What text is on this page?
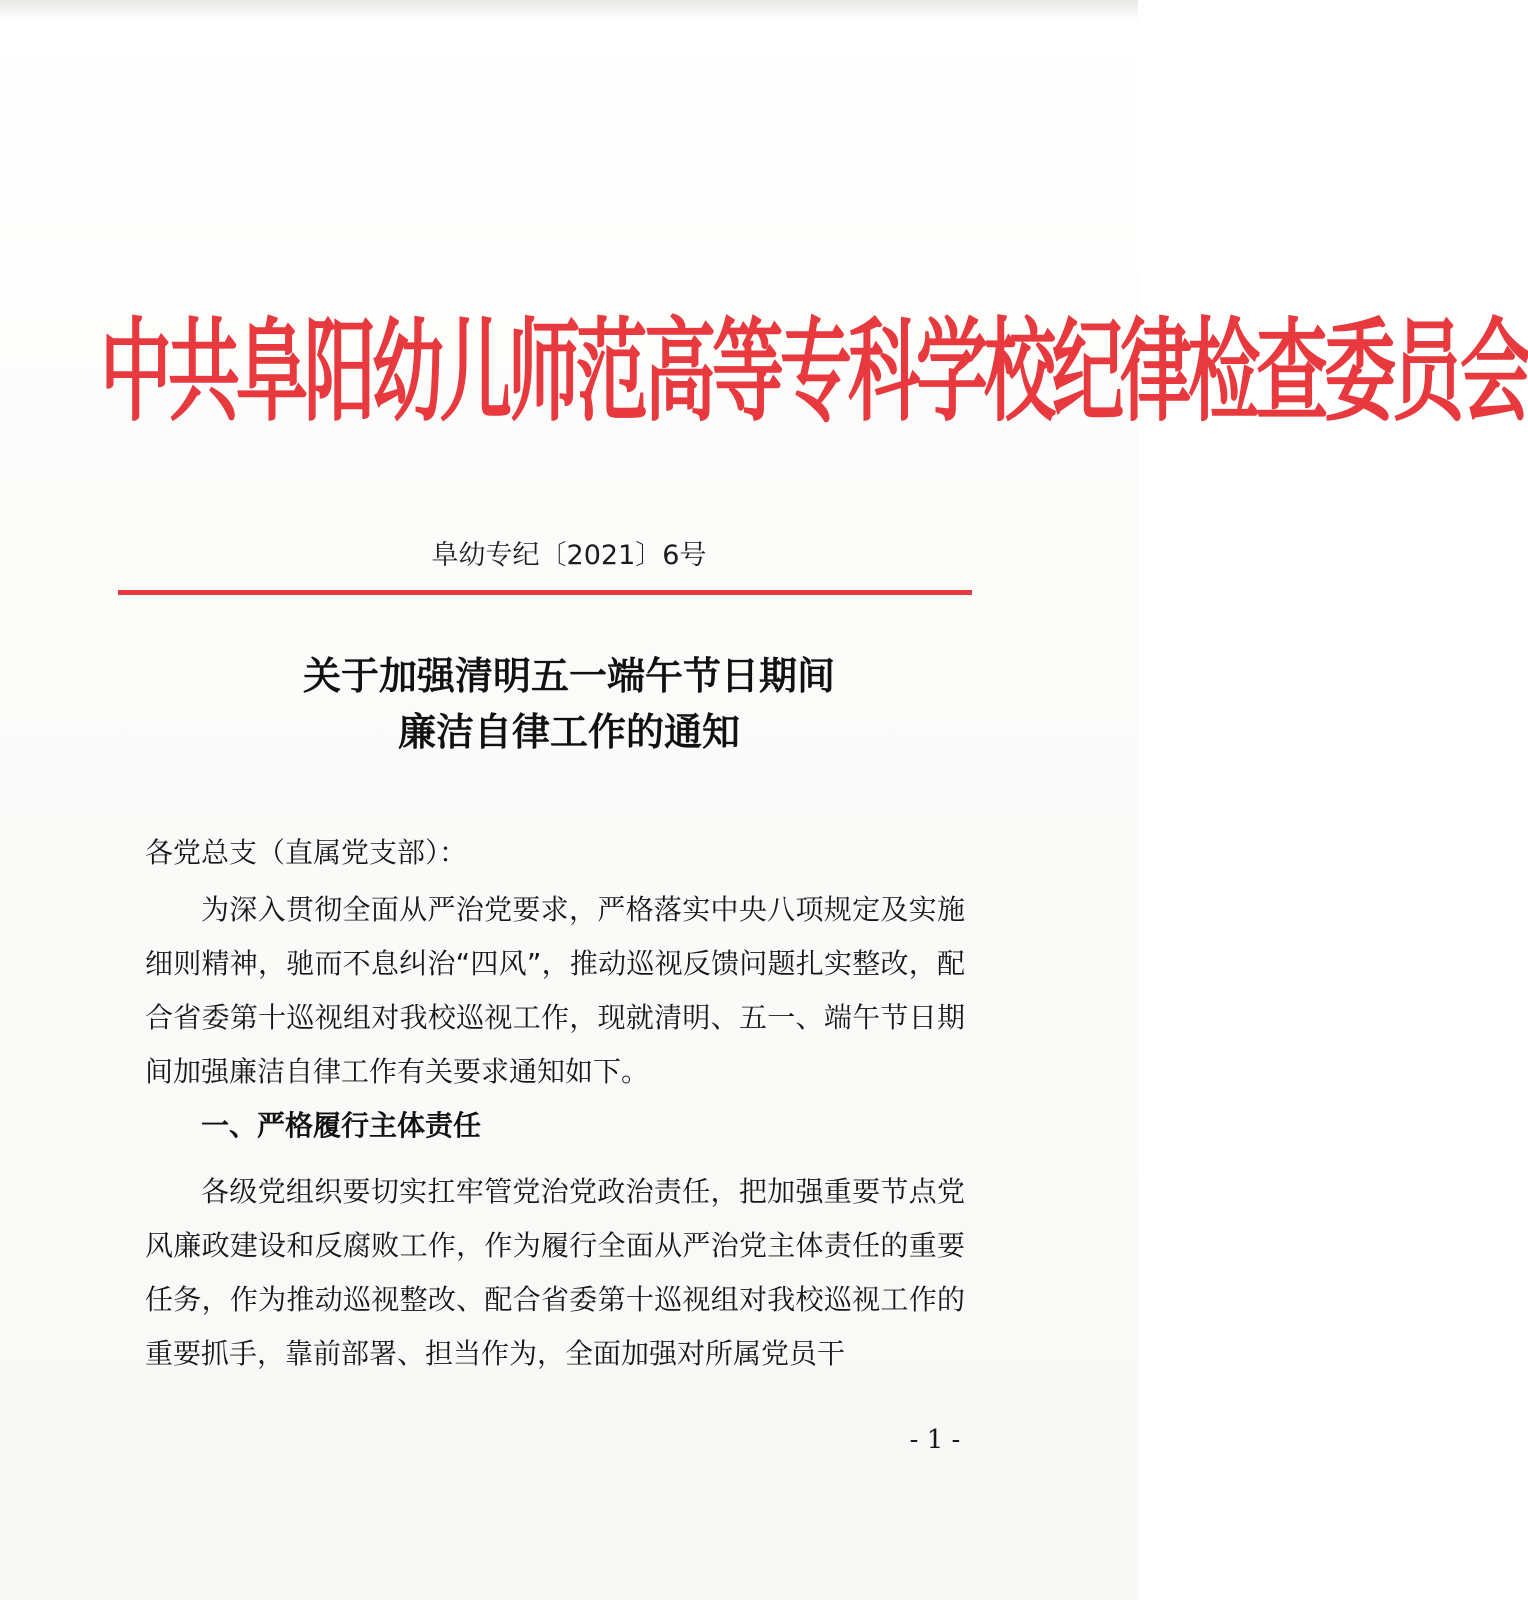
中共阜阳幼儿师范高等专科学校纪律检查委员会

阜幼专纪〔2021〕6号

关于加强清明五一端午节日期间
廉洁自律工作的通知

各党总支（直属党支部）：

为深入贯彻全面从严治党要求，严格落实中央八项规定及实施细则精神，驰而不息纠治“四风”，推动巡视反馈问题扎实整改，配合省委第十巡视组对我校巡视工作，现就清明、五一、端午节日期间加强廉洁自律工作有关要求通知如下。

一、严格履行主体责任

各级党组织要切实扛牢管党治党政治责任，把加强重要节点党风廉政建设和反腐败工作，作为履行全面从严治党主体责任的重要任务，作为推动巡视整改、配合省委第十巡视组对我校巡视工作的重要抓手，靠前部署、担当作为，全面加强对所属党员干

- 1 -
